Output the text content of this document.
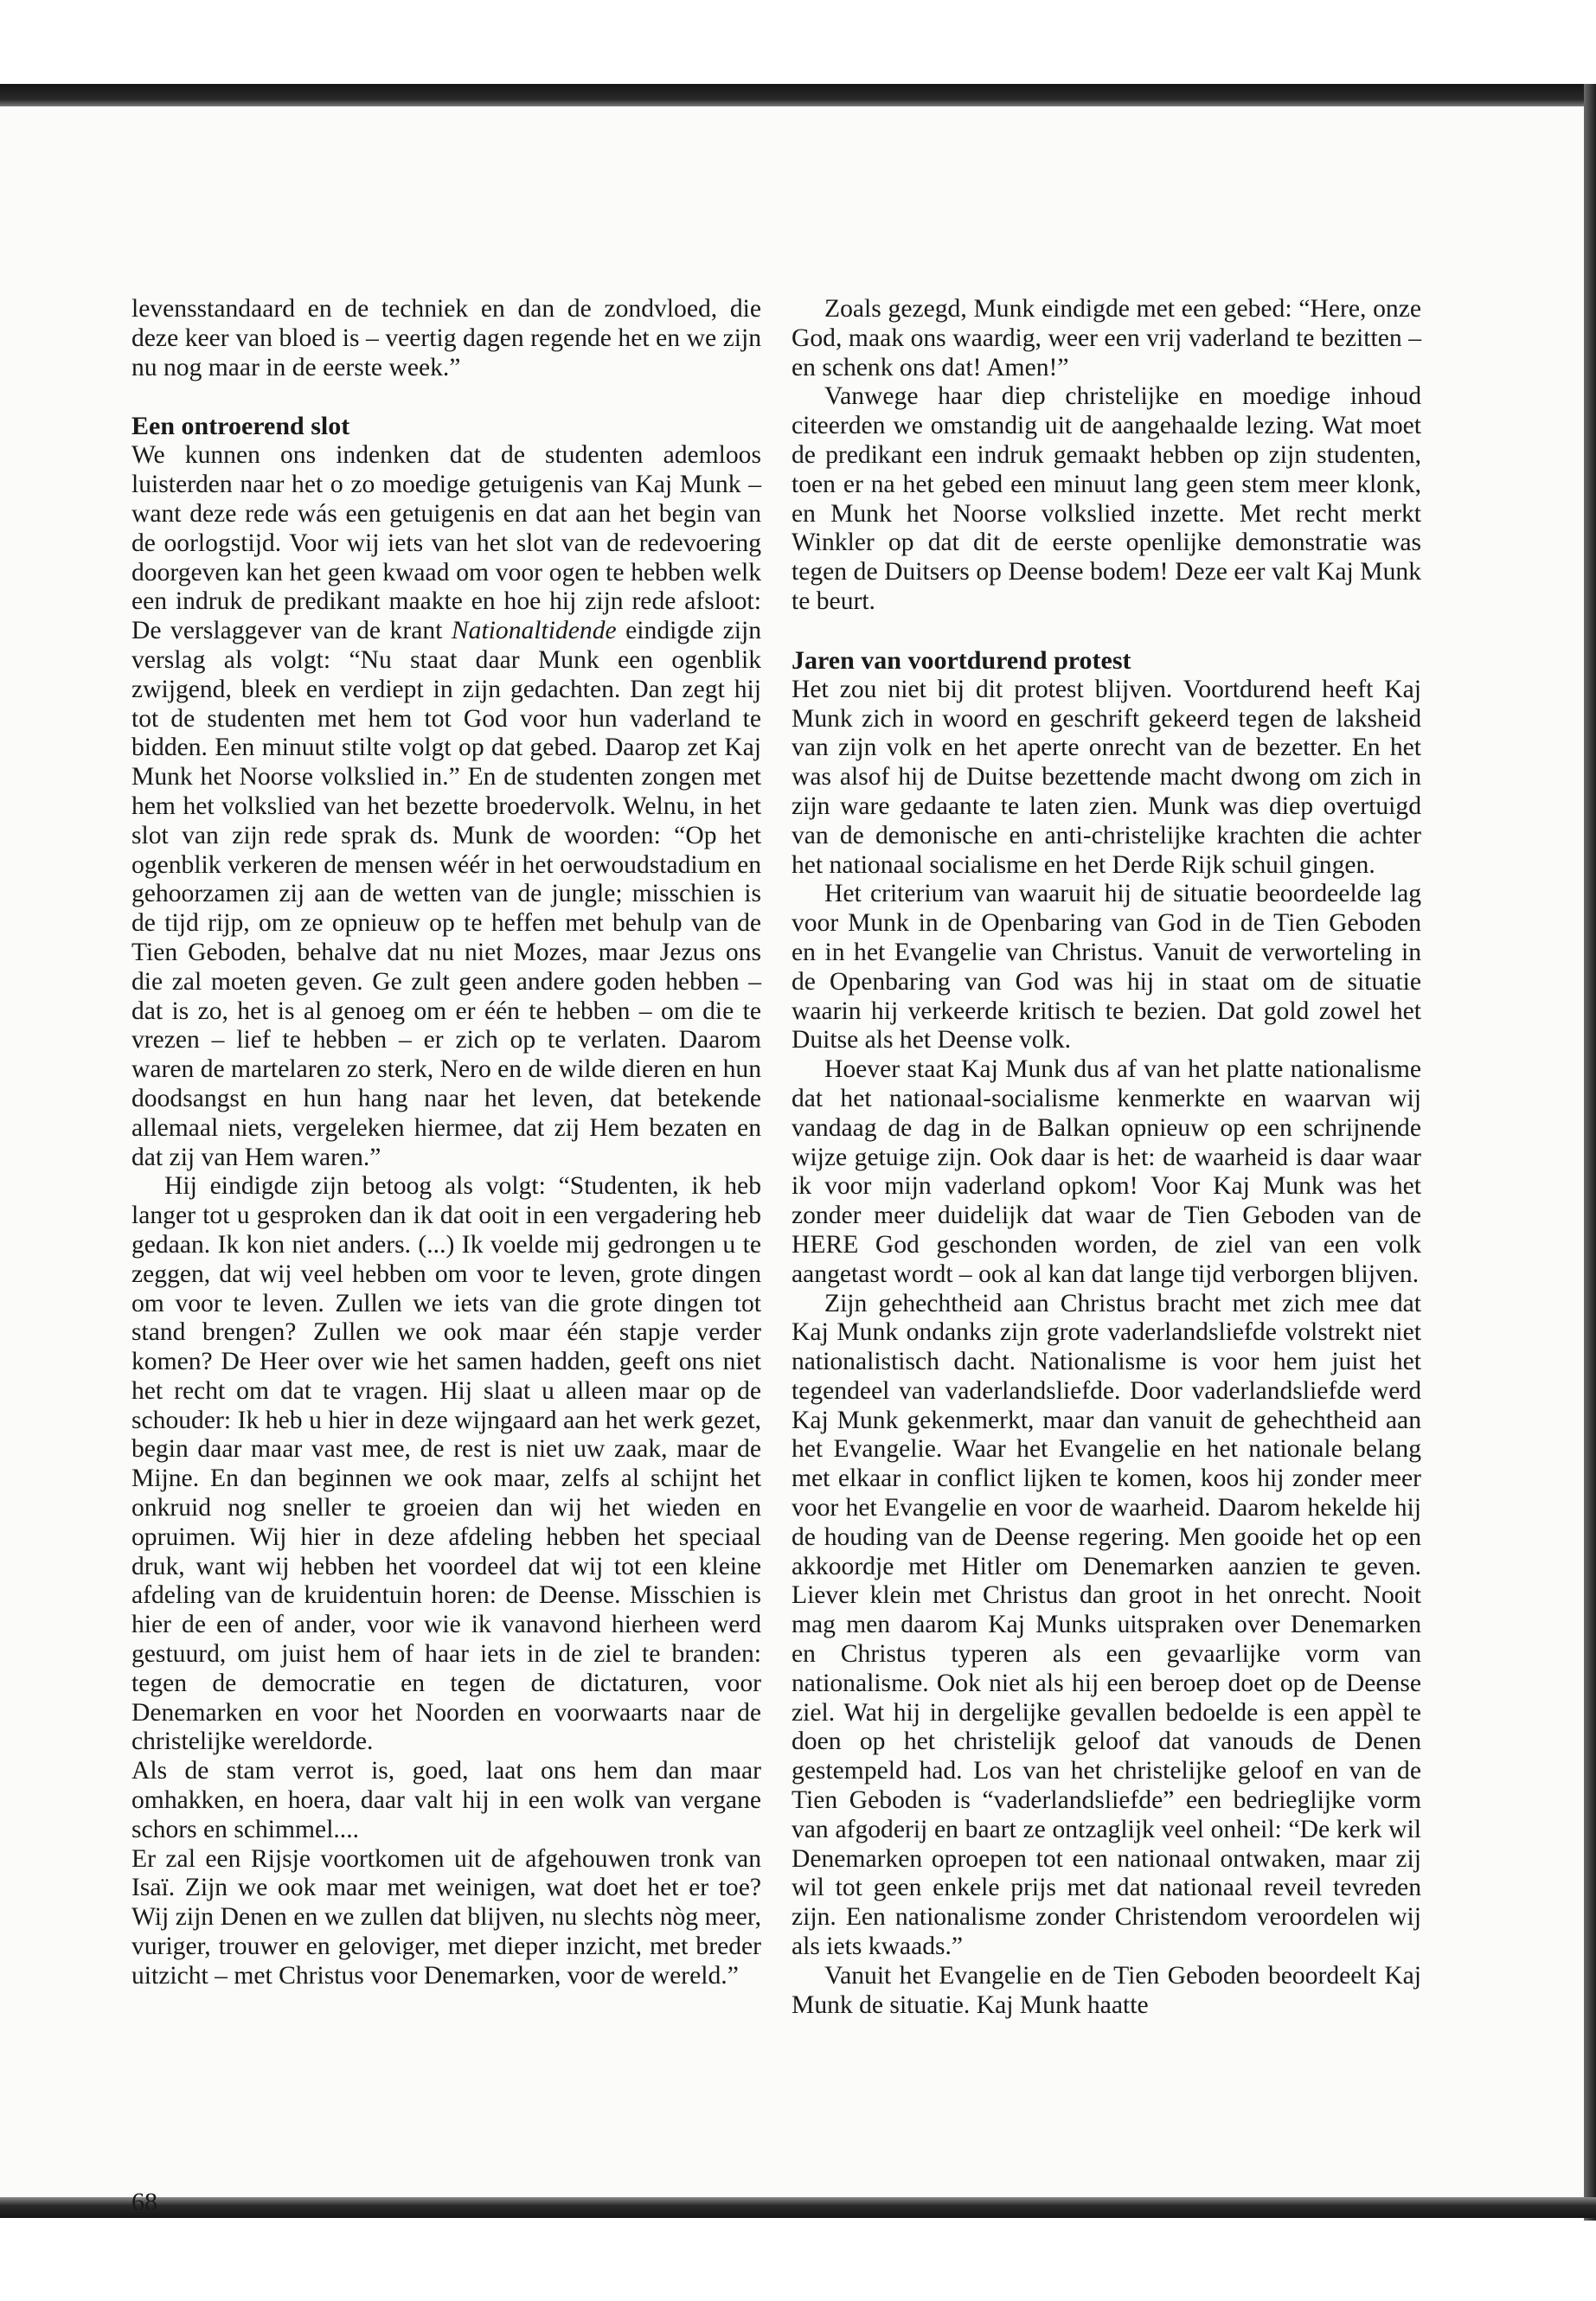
levensstandaard en de techniek en dan de zondvloed, die deze keer van bloed is – veertig dagen regende het en we zijn nu nog maar in de eerste week.”

Een ontroerend slot

We kunnen ons indenken dat de studenten ademloos luisterden naar het o zo moedige getuigenis van Kaj Munk – want deze rede wás een getuigenis en dat aan het begin van de oorlogstijd. Voor wij iets van het slot van de redevoering doorgeven kan het geen kwaad om voor ogen te hebben welk een indruk de predikant maakte en hoe hij zijn rede afsloot: De verslaggever van de krant Nationaltidende eindigde zijn verslag als volgt: “Nu staat daar Munk een ogenblik zwijgend, bleek en verdiept in zijn gedachten. Dan zegt hij tot de studenten met hem tot God voor hun vaderland te bidden. Een minuut stilte volgt op dat gebed. Daarop zet Kaj Munk het Noorse volkslied in.” En de studenten zongen met hem het volkslied van het bezette broedervolk. Welnu, in het slot van zijn rede sprak ds. Munk de woorden: “Op het ogenblik verkeren de mensen wéér in het oerwoudstadium en gehoorzamen zij aan de wetten van de jungle; misschien is de tijd rijp, om ze opnieuw op te heffen met behulp van de Tien Geboden, behalve dat nu niet Mozes, maar Jezus ons die zal moeten geven. Ge zult geen andere goden hebben – dat is zo, het is al genoeg om er één te hebben – om die te vrezen – lief te hebben – er zich op te verlaten. Daarom waren de martelaren zo sterk, Nero en de wilde dieren en hun doodsangst en hun hang naar het leven, dat betekende allemaal niets, vergeleken hiermee, dat zij Hem bezaten en dat zij van Hem waren.”

Hij eindigde zijn betoog als volgt: “Studenten, ik heb langer tot u gesproken dan ik dat ooit in een vergadering heb gedaan. Ik kon niet anders. (...) Ik voelde mij gedrongen u te zeggen, dat wij veel hebben om voor te leven, grote dingen om voor te leven. Zullen we iets van die grote dingen tot stand brengen? Zullen we ook maar één stapje verder komen? De Heer over wie het samen hadden, geeft ons niet het recht om dat te vragen. Hij slaat u alleen maar op de schouder: Ik heb u hier in deze wijngaard aan het werk gezet, begin daar maar vast mee, de rest is niet uw zaak, maar de Mijne. En dan beginnen we ook maar, zelfs al schijnt het onkruid nog sneller te groeien dan wij het wieden en opruimen. Wij hier in deze afdeling hebben het speciaal druk, want wij hebben het voordeel dat wij tot een kleine afdeling van de kruidentuin horen: de Deense. Misschien is hier de een of ander, voor wie ik vanavond hierheen werd gestuurd, om juist hem of haar iets in de ziel te branden: tegen de democratie en tegen de dictaturen, voor Denemarken en voor het Noorden en voorwaarts naar de christelijke wereldorde.

Als de stam verrot is, goed, laat ons hem dan maar omhakken, en hoera, daar valt hij in een wolk van vergane schors en schimmel....

Er zal een Rijsje voortkomen uit de afgehouwen tronk van Isaï. Zijn we ook maar met weinigen, wat doet het er toe? Wij zijn Denen en we zullen dat blijven, nu slechts nòg meer, vuriger, trouwer en geloviger, met dieper inzicht, met breder uitzicht – met Christus voor Denemarken, voor de wereld.”

Zoals gezegd, Munk eindigde met een gebed: “Here, onze God, maak ons waardig, weer een vrij vaderland te bezitten – en schenk ons dat! Amen!”

Vanwege haar diep christelijke en moedige inhoud citeerden we omstandig uit de aangehaalde lezing. Wat moet de predikant een indruk gemaakt hebben op zijn studenten, toen er na het gebed een minuut lang geen stem meer klonk, en Munk het Noorse volkslied inzette. Met recht merkt Winkler op dat dit de eerste openlijke demonstratie was tegen de Duitsers op Deense bodem! Deze eer valt Kaj Munk te beurt.

Jaren van voortdurend protest

Het zou niet bij dit protest blijven. Voortdurend heeft Kaj Munk zich in woord en geschrift gekeerd tegen de laksheid van zijn volk en het aperte onrecht van de bezetter. En het was alsof hij de Duitse bezettende macht dwong om zich in zijn ware gedaante te laten zien. Munk was diep overtuigd van de demonische en anti-christelijke krachten die achter het nationaal socialisme en het Derde Rijk schuil gingen.

Het criterium van waaruit hij de situatie beoordeelde lag voor Munk in de Openbaring van God in de Tien Geboden en in het Evangelie van Christus. Vanuit de verworteling in de Openbaring van God was hij in staat om de situatie waarin hij verkeerde kritisch te bezien. Dat gold zowel het Duitse als het Deense volk.

Hoever staat Kaj Munk dus af van het platte nationalisme dat het nationaal-socialisme kenmerkte en waarvan wij vandaag de dag in de Balkan opnieuw op een schrijnende wijze getuige zijn. Ook daar is het: de waarheid is daar waar ik voor mijn vaderland opkom! Voor Kaj Munk was het zonder meer duidelijk dat waar de Tien Geboden van de HERE God geschonden worden, de ziel van een volk aangetast wordt – ook al kan dat lange tijd verborgen blijven.

Zijn gehechtheid aan Christus bracht met zich mee dat Kaj Munk ondanks zijn grote vaderlandsliefde volstrekt niet nationalistisch dacht. Nationalisme is voor hem juist het tegendeel van vaderlandsliefde. Door vaderlandsliefde werd Kaj Munk gekenmerkt, maar dan vanuit de gehechtheid aan het Evangelie. Waar het Evangelie en het nationale belang met elkaar in conflict lijken te komen, koos hij zonder meer voor het Evangelie en voor de waarheid. Daarom hekelde hij de houding van de Deense regering. Men gooide het op een akkoordje met Hitler om Denemarken aanzien te geven. Liever klein met Christus dan groot in het onrecht. Nooit mag men daarom Kaj Munks uitspraken over Denemarken en Christus typeren als een gevaarlijke vorm van nationalisme. Ook niet als hij een beroep doet op de Deense ziel. Wat hij in dergelijke gevallen bedoelde is een appèl te doen op het christelijk geloof dat vanouds de Denen gestempeld had. Los van het christelijke geloof en van de Tien Geboden is “vaderlandsliefde” een bedrieglijke vorm van afgoderij en baart ze ontzaglijk veel onheil: “De kerk wil Denemarken oproepen tot een nationaal ontwaken, maar zij wil tot geen enkele prijs met dat nationaal reveil tevreden zijn. Een nationalisme zonder Christendom veroordelen wij als iets kwaads.”

Vanuit het Evangelie en de Tien Geboden beoordeelt Kaj Munk de situatie. Kaj Munk haatte

68
